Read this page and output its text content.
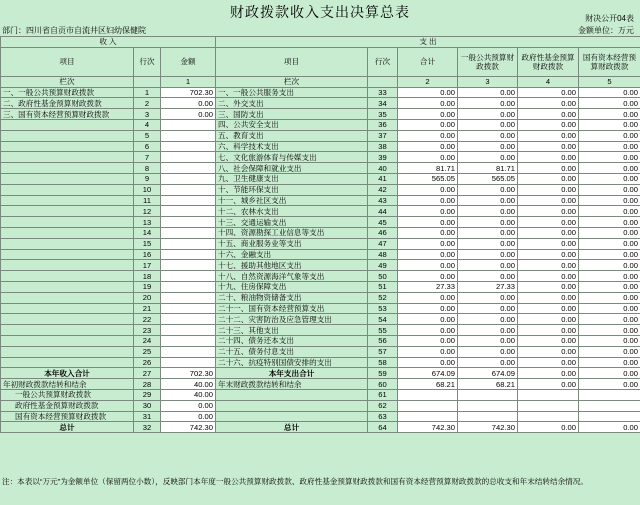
财政拨款收入支出决算总表	财决公开04表
部门：四川省自贡市自流井区妇幼保健院	金额单位：万元
收 入			支 出					
项目	行次	金额	项目	行次	合计	一般公共预算财政拨款	政府性基金预算财政拨款	国有资本经营预算财政拨款
栏次		1	栏次		2	3	4	5
一、一般公共预算财政拨款	1	702.30	一、一般公共服务支出	33	0.00	0.00	0.00	0.00
二、政府性基金预算财政拨款	2	0.00	二、外交支出	34	0.00	0.00	0.00	0.00
三、国有资本经营预算财政拨款	3	0.00	三、国防支出	35	0.00	0.00	0.00	0.00
	4		四、公共安全支出	36	0.00	0.00	0.00	0.00
	5		五、教育支出	37	0.00	0.00	0.00	0.00
	6		六、科学技术支出	38	0.00	0.00	0.00	0.00
	7		七、文化旅游体育与传媒支出	39	0.00	0.00	0.00	0.00
	8		八、社会保障和就业支出	40	81.71	81.71	0.00	0.00
	9		九、卫生健康支出	41	565.05	565.05	0.00	0.00
	10		十、节能环保支出	42	0.00	0.00	0.00	0.00
	11		十一、城乡社区支出	43	0.00	0.00	0.00	0.00
	12		十二、农林水支出	44	0.00	0.00	0.00	0.00
	13		十三、交通运输支出	45	0.00	0.00	0.00	0.00
	14		十四、资源勘探工业信息等支出	46	0.00	0.00	0.00	0.00
	15		十五、商业服务业等支出	47	0.00	0.00	0.00	0.00
	16		十六、金融支出	48	0.00	0.00	0.00	0.00
	17		十七、援助其他地区支出	49	0.00	0.00	0.00	0.00
	18		十八、自然资源海洋气象等支出	50	0.00	0.00	0.00	0.00
	19		十九、住房保障支出	51	27.33	27.33	0.00	0.00
	20		二十、粮油物资储备支出	52	0.00	0.00	0.00	0.00
	21		二十一、国有资本经营预算支出	53	0.00	0.00	0.00	0.00
	22		二十二、灾害防治及应急管理支出	54	0.00	0.00	0.00	0.00
	23		二十三、其他支出	55	0.00	0.00	0.00	0.00
	24		二十四、债务还本支出	56	0.00	0.00	0.00	0.00
	25		二十五、债务付息支出	57	0.00	0.00	0.00	0.00
	26		二十六、抗疫特别国债安排的支出	58	0.00	0.00	0.00	0.00
本年收入合计	27	702.30	本年支出合计	59	674.09	674.09	0.00	0.00
年初财政拨款结转和结余	28	40.00	年末财政拨款结转和结余	60	68.21	68.21	0.00	0.00
一般公共预算财政拨款	29	40.00		61				
政府性基金预算财政拨款	30	0.00		62				
国有资本经营预算财政拨款	31	0.00		63				
总计	32	742.30	总计	64	742.30	742.30	0.00	0.00
注：本表以“万元”为金额单位（保留两位小数），反映部门本年度一般公共预算财政拨款、政府性基金预算财政拨款和国有资本经营预算财政拨款的总收支和年末结转结余情况。
